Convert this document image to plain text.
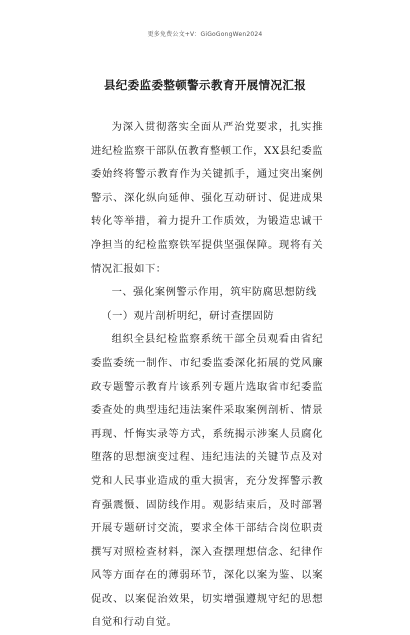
更多免费公文+V：GiGoGongWen2024
县纪委监委整顿警示教育开展情况汇报

为深入贯彻落实全面从严治党要求，扎实推进纪检监察干部队伍教育整顿工作，XX县纪委监委始终将警示教育作为关键抓手，通过突出案例警示、深化纵向延伸、强化互动研讨、促进成果转化等举措，着力提升工作质效，为锻造忠诚干净担当的纪检监察铁军提供坚强保障。现将有关情况汇报如下：

一、强化案例警示作用，筑牢防腐思想防线

（一）观片剖析明纪，研讨查摆固防

组织全县纪检监察系统干部全员观看由省纪委监委统一制作、市纪委监委深化拓展的党风廉政专题警示教育片该系列专题片选取省市纪委监委查处的典型违纪违法案件采取案例剖析、情景再现、忏悔实录等方式，系统揭示涉案人员腐化堕落的思想演变过程、违纪违法的关键节点及对党和人民事业造成的重大损害，充分发挥警示教育强震慑、固防线作用。观影结束后，及时部署开展专题研讨交流，要求全体干部结合岗位职责撰写对照检查材料，深入查摆理想信念、纪律作风等方面存在的薄弱环节，深化以案为鉴、以案促改、以案促治效果，切实增强遵规守纪的思想自觉和行动自觉。
